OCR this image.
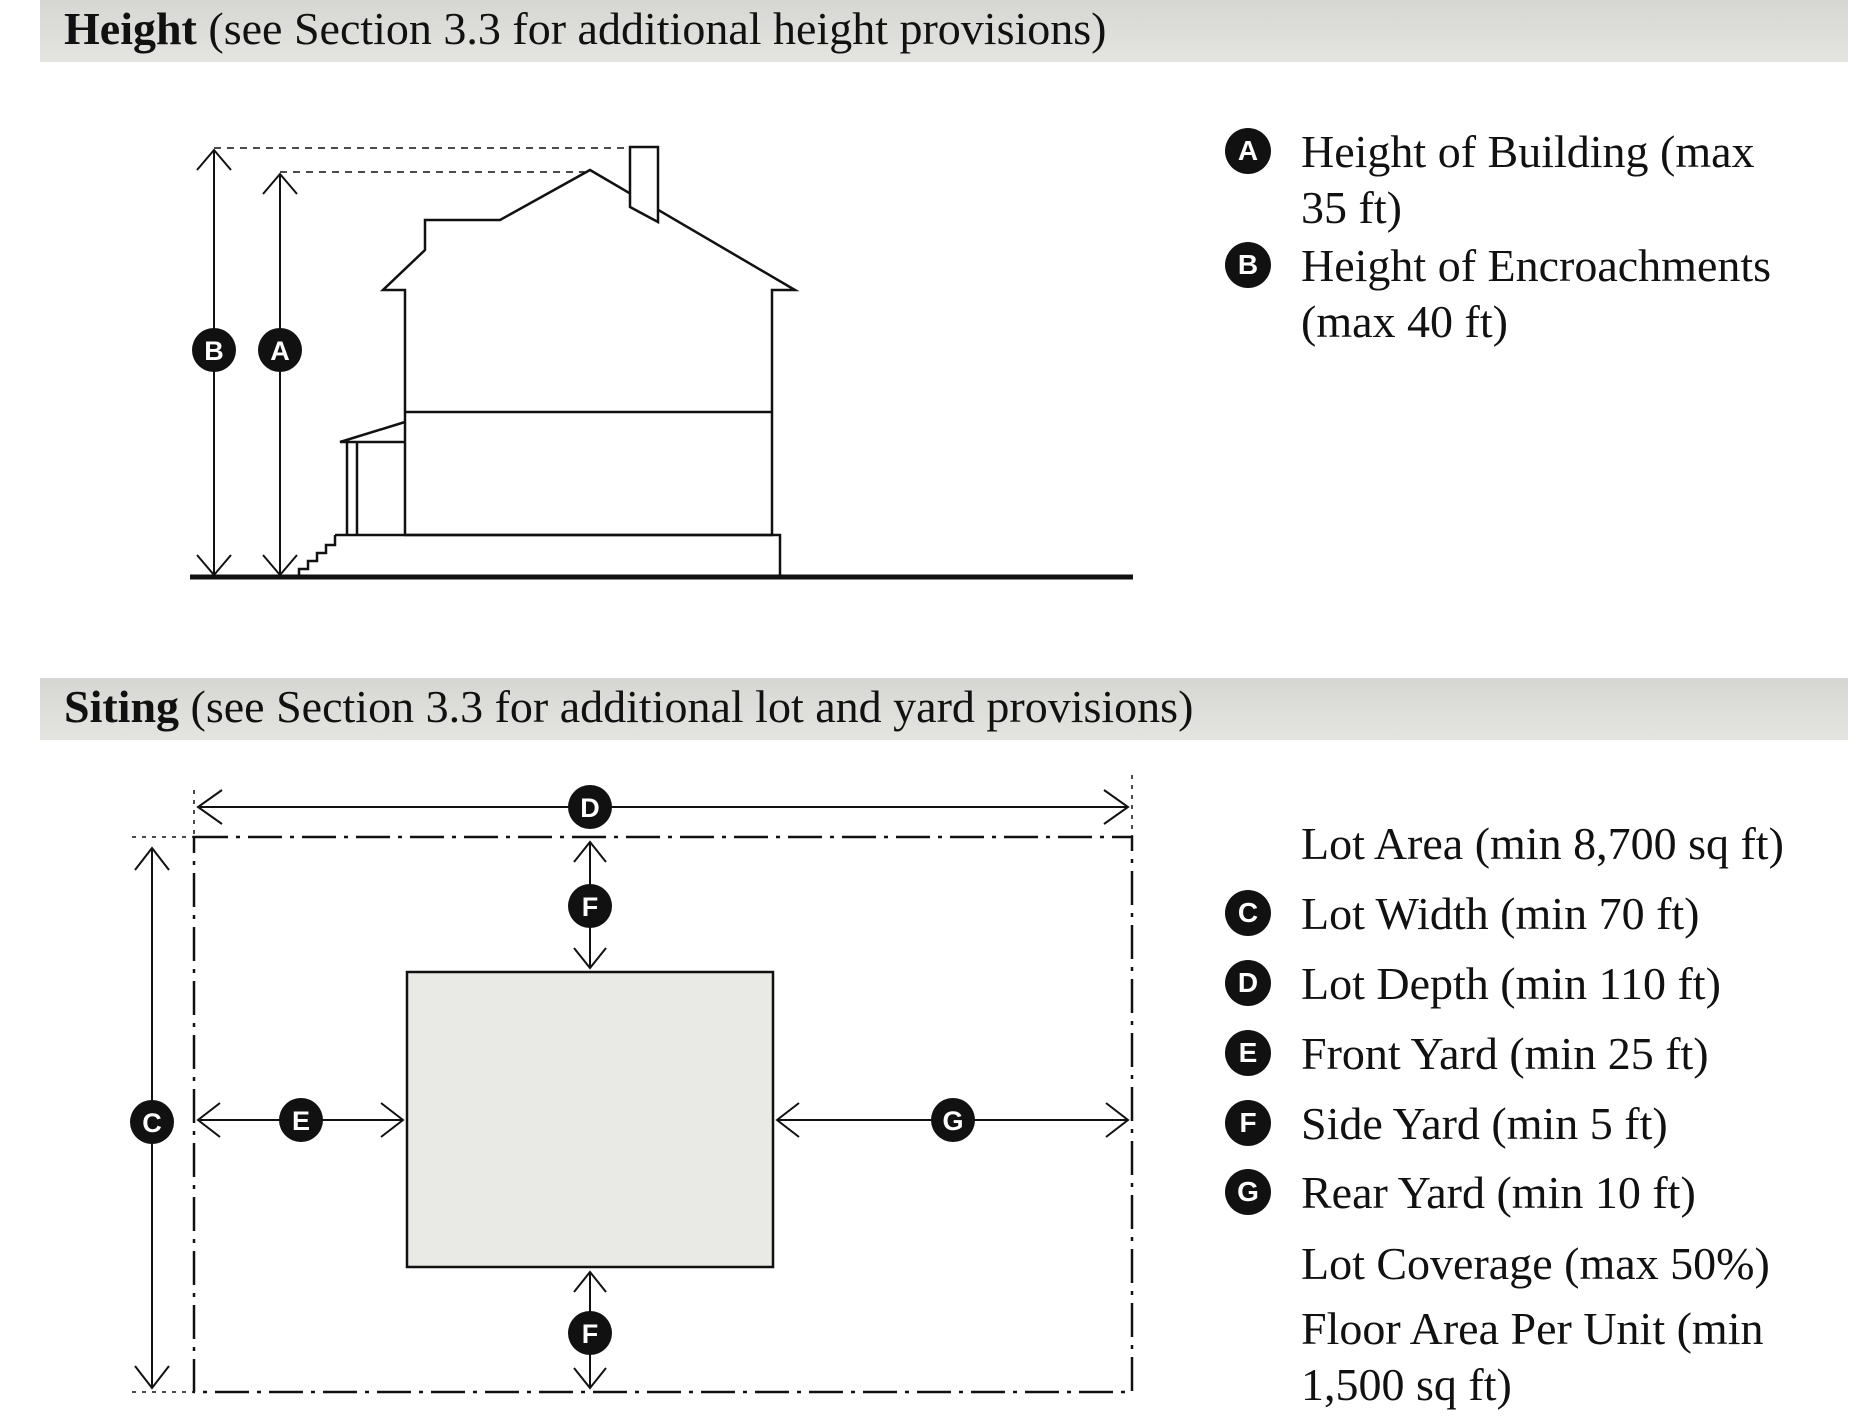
Height (see Section 3.3 for additional height provisions)
Siting (see Section 3.3 for additional lot and yard provisions)
B A
D
F
C	E	G
F
A Height of Building (max
35 ft)
B Height of Encroachments
(max 40 ft)
Lot Area (min 8,700 sq ft)
C Lot Width (min 70 ft)
D Lot Depth (min 110 ft)
E Front Yard (min 25 ft)
F Side Yard (min 5 ft)
G Rear Yard (min 10 ft)
Lot Coverage (max 50%)
Floor Area Per Unit (min
1,500 sq ft)
